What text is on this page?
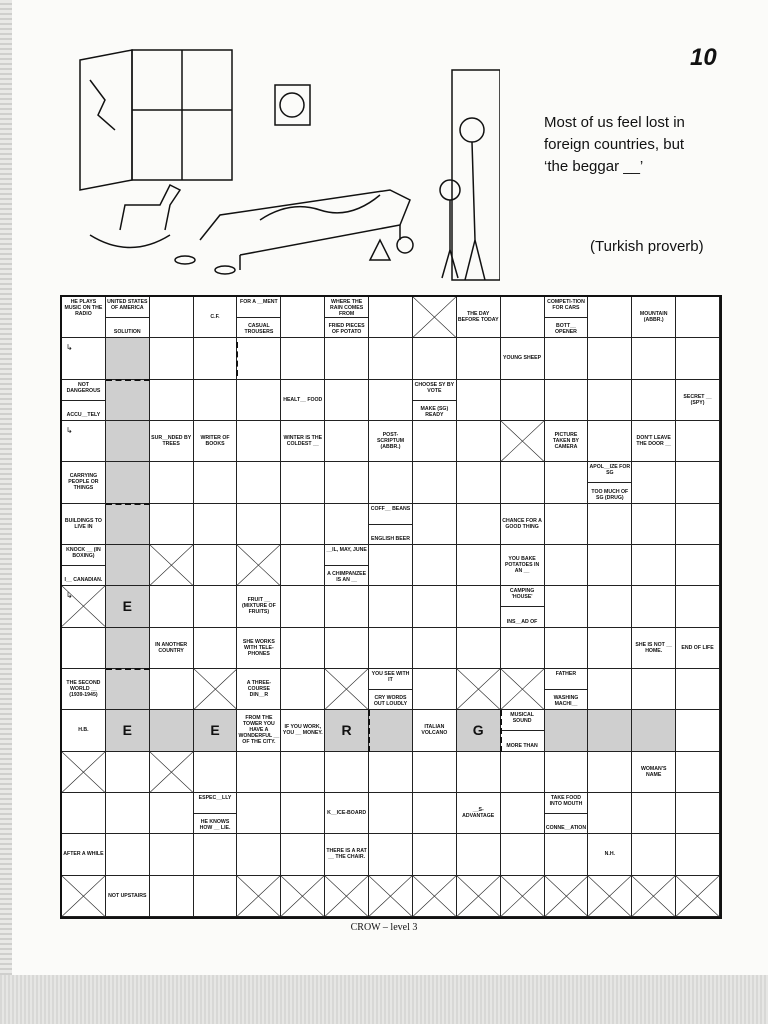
10
Most of us feel lost in
foreign countries, but
‘the beggar __’
(Turkish proverb)
HE PLAYS MUSIC ON THE RADIO
UNITED STATES OF AMERICA
SOLUTION
C.F.
FOR A __MENT
CASUAL TROUSERS
WHERE THE RAIN COMES FROM
FRIED PIECES OF POTATO
THE DAY BEFORE TODAY
COMPETI-TION FOR CARS
BOTT__ OPENER
MOUNTAIN (ABBR.)
YOUNG SHEEP
NOT DANGEROUS
ACCU__TELY
HEALT__ FOOD
CHOOSE SY BY VOTE
MAKE (SG) READY
SECRET __ (SPY)
SUR__NDED BY TREES
WRITER OF BOOKS
WINTER IS THE COLDEST __
POST-SCRIPTUM (ABBR.)
PICTURE TAKEN BY CAMERA
DON'T LEAVE THE DOOR __
CARRYING PEOPLE OR THINGS
APOL__IZE FOR SG
TOO MUCH OF SG (DRUG)
BUILDINGS TO LIVE IN
COFF__ BEANS
ENGLISH BEER
CHANCE FOR A GOOD THING
KNOCK __ (IN BOXING)
I__ CANADIAN.
__IL, MAY, JUNE
A CHIMPANZEE IS AN __
YOU BAKE POTATOES IN AN __
E	FRUIT __ (MIXTURE OF FRUITS)
CAMPING 'HOUSE'
INS__AD OF
IN ANOTHER COUNTRY
SHE WORKS WITH TELE-PHONES
SHE IS NOT __ HOME.	END OF LIFE
THE SECOND WORLD __ (1939-1945)
A THREE-COURSE DIN__R
YOU SEE WITH IT
CRY WORDS OUT LOUDLY
FATHER
WASHING MACHI__
H.B.	E	E
FROM THE TOWER YOU HAVE A WONDERFUL __ OF THE CITY.
IF YOU WORK, YOU __ MONEY.	R	ITALIAN VOLCANO	G
MUSICAL SOUND
MORE THAN
WOMAN'S NAME
ESPEC__LLY
HE KNOWS HOW __ LIE.
K__ICE-BOARD	__S-ADVANTAGE
TAKE FOOD INTO MOUTH
CONNE__ATION
AFTER A WHILE	THERE IS A RAT __ THE CHAIR.	N.H.
NOT UPSTAIRS
↳
↳
↳
CROW – level 3
